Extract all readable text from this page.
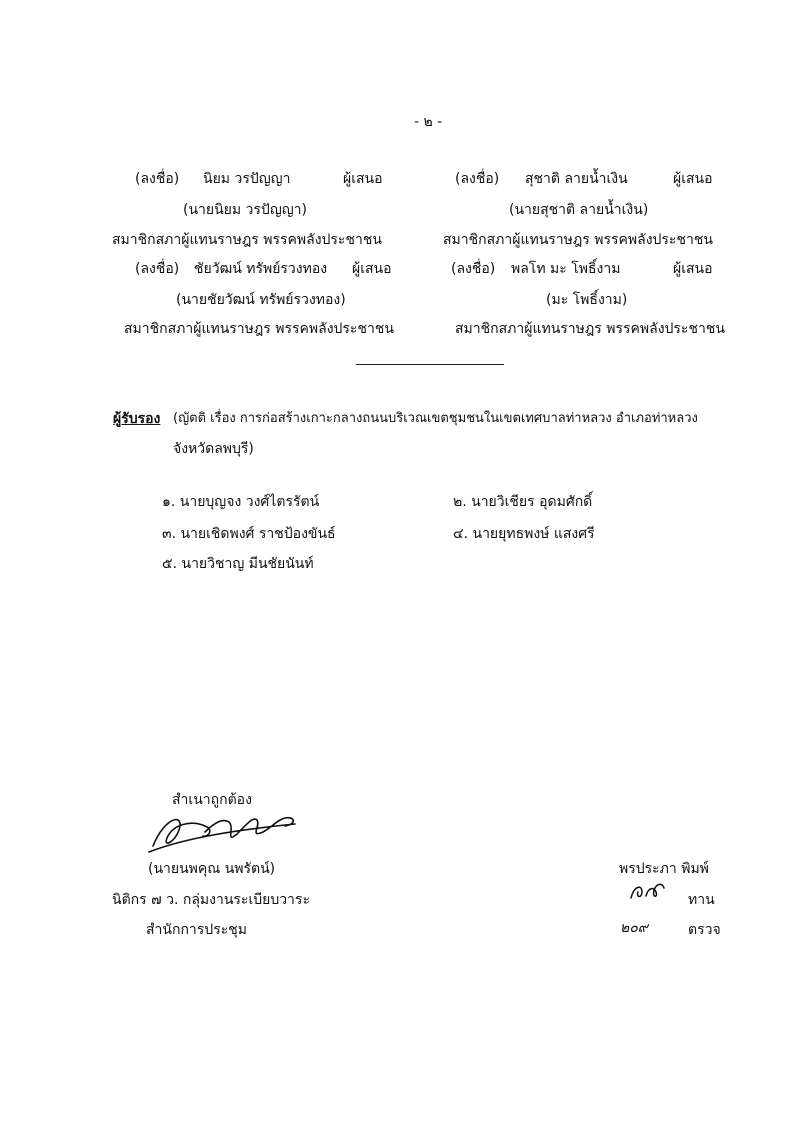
- ๒ -
(ลงชื่อ) นิยม วรปัญญา	ผู้เสนอ
(นายนิยม วรปัญญา)
สมาชิกสภาผู้แทนราษฎร พรรคพลังประชาชน
(ลงชื่อ) สุชาติ ลายน้ำเงิน	ผู้เสนอ
(นายสุชาติ ลายน้ำเงิน)
สมาชิกสภาผู้แทนราษฎร พรรคพลังประชาชน
(ลงชื่อ) ชัยวัฒน์ ทรัพย์รวงทอง ผู้เสนอ
(นายชัยวัฒน์ ทรัพย์รวงทอง)
สมาชิกสภาผู้แทนราษฎร พรรคพลังประชาชน
(ลงชื่อ) พลโท มะ โพธิ์งาม	ผู้เสนอ
(มะ โพธิ์งาม)
สมาชิกสภาผู้แทนราษฎร พรรคพลังประชาชน
ผู้รับรอง (ญัตติ เรื่อง การก่อสร้างเกาะกลางถนนบริเวณเขตชุมชนในเขตเทศบาลท่าหลวง อำเภอท่าหลวง
จังหวัดลพบุรี)
๑. นายบุญจง วงศ์ไตรรัตน์	๒. นายวิเชียร อุดมศักดิ์
๓. นายเชิดพงศ์ ราชป้องขันธ์	๔. นายยุทธพงษ์ แสงศรี
๕. นายวิชาญ มีนชัยนันท์
สำเนาถูกต้อง
(นายนพคุณ นพรัตน์)
นิติกร ๗ ว. กลุ่มงานระเบียบวาระ
สำนักการประชุม
พรประภา พิมพ์
ทาน
๒๐๙	ตรวจ
